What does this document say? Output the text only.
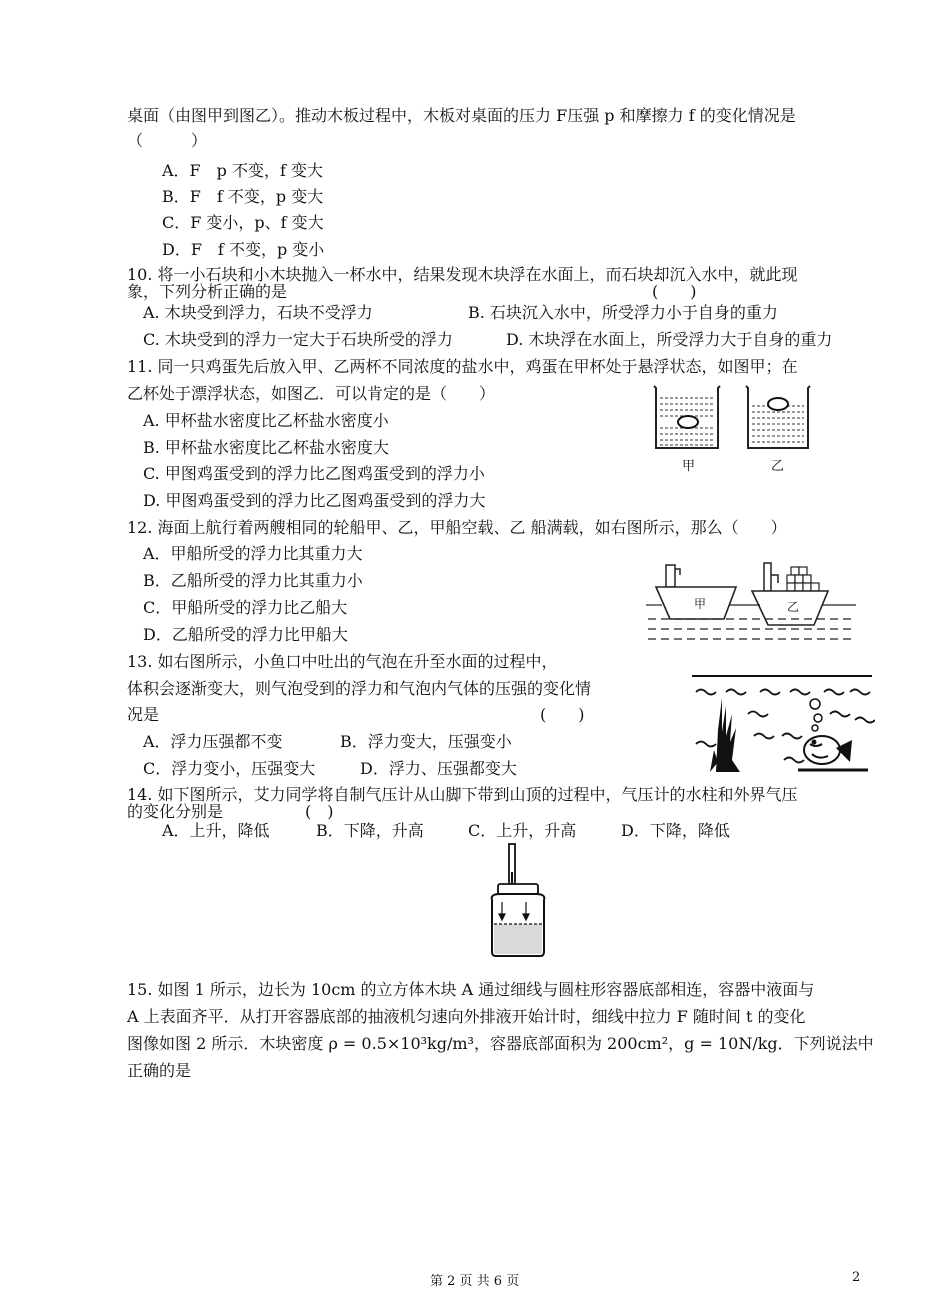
桌面（由图甲到图乙）。推动木板过程中，木板对桌面的压力 F压强 p 和摩擦力 f 的变化情况是
（　　　）
A．F　p 不变，f 变大
B．F　f 不变，p 变大
C．F 变小，p、f 变大
D．F　f 不变，p 变小
10. 将一小石块和小木块抛入一杯水中，结果发现木块浮在水面上，而石块却沉入水中，就此现
象，下列分析正确的是	(　　)
A. 木块受到浮力，石块不受浮力	B. 石块沉入水中，所受浮力小于自身的重力
C. 木块受到的浮力一定大于石块所受的浮力	D. 木块浮在水面上，所受浮力大于自身的重力
11. 同一只鸡蛋先后放入甲、乙两杯不同浓度的盐水中，鸡蛋在甲杯处于悬浮状态，如图甲；在
乙杯处于漂浮状态，如图乙．可以肯定的是（　　）
A. 甲杯盐水密度比乙杯盐水密度小
B. 甲杯盐水密度比乙杯盐水密度大
C. 甲图鸡蛋受到的浮力比乙图鸡蛋受到的浮力小
D. 甲图鸡蛋受到的浮力比乙图鸡蛋受到的浮力大
甲	乙
12. 海面上航行着两艘相同的轮船甲、乙，甲船空载、乙 船满载，如右图所示，那么（　　）
A．甲船所受的浮力比其重力大
B．乙船所受的浮力比其重力小
C．甲船所受的浮力比乙船大
D．乙船所受的浮力比甲船大
甲	乙
13. 如右图所示，小鱼口中吐出的气泡在升至水面的过程中，
体积会逐渐变大，则气泡受到的浮力和气泡内气体的压强的变化情
况是	(　　)
A．浮力压强都不变	B．浮力变大，压强变小
C．浮力变小，压强变大	D．浮力、压强都变大
14. 如下图所示，艾力同学将自制气压计从山脚下带到山顶的过程中，气压计的水柱和外界气压
的变化分别是	(　)
A．上升，降低	B．下降，升高	C．上升，升高	D．下降，降低
15. 如图 1 所示，边长为 10cm 的立方体木块 A 通过细线与圆柱形容器底部相连，容器中液面与
A 上表面齐平．从打开容器底部的抽液机匀速向外排液开始计时，细线中拉力 F 随时间 t 的变化
图像如图 2 所示．木块密度 ρ = 0.5×10³kg/m³，容器底部面积为 200cm²，g = 10N/kg．下列说法中
正确的是
第 2 页 共 6 页	2
